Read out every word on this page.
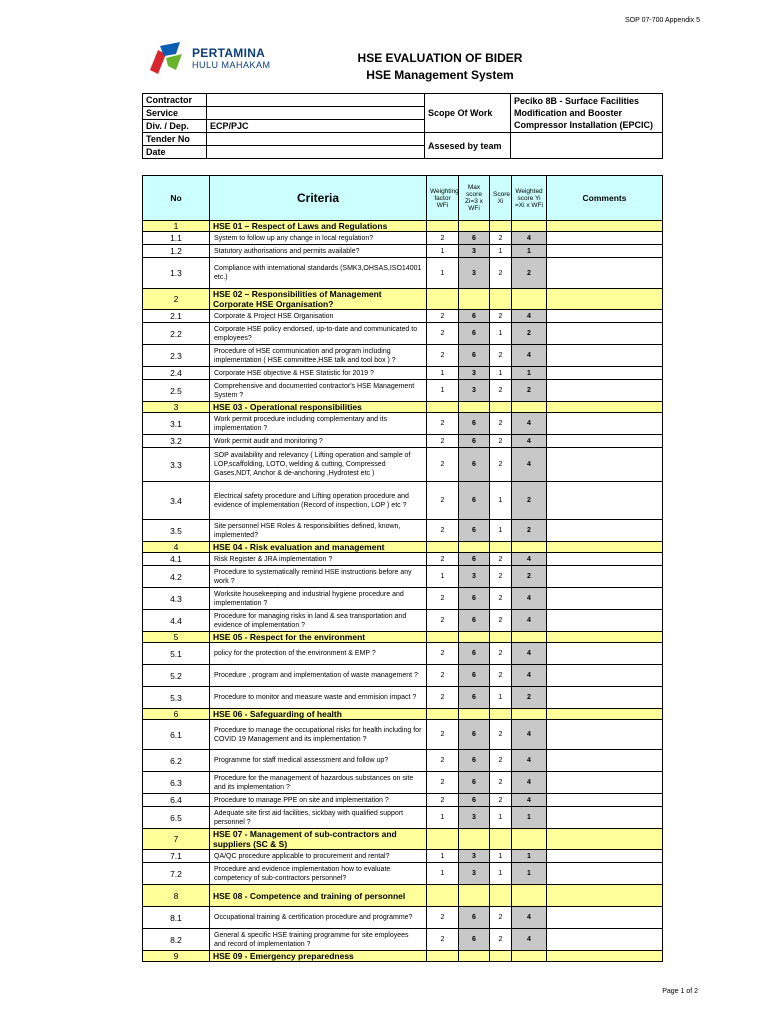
SOP 07-700 Appendix 5
PERTAMINA
HULU MAHAKAM	HSE EVALUATION OF BIDER
HSE Management System
Contractor		Scope Of Work	Peciko 8B - Surface Facilities Modification and Booster Compressor Installation (EPCIC)
Service			
Div. / Dep.	ECP/PJC		
Tender No		Assesed by team	
Date			
No	Criteria	Weighting factor WFi	Max score Zi=3 x WFi	Score Xi	Weighted score Yi =Xi x WFi	Comments
1	HSE 01 – Respect of Laws and Regulations					
1.1	System to follow up any change in local regulation?	2	6	2	4	
1.2	Statutory authorisations and permits available?	1	3	1	1	
1.3	Compliance with international standards (SMK3,OHSAS,ISO14001 etc.)	1	3	2	2	
2	HSE 02 – Responsibilities of Management Corporate HSE Organisation?					
2.1	Corporate & Project HSE Organisation	2	6	2	4	
2.2	Corporate HSE policy endorsed, up-to-date and communicated to employees?	2	6	1	2	
2.3	Procedure of HSE communication and program including implementation ( HSE committee,HSE talk and tool box ) ?	2	6	2	4	
2.4	Corporate HSE objective & HSE Statistic for 2019 ?	1	3	1	1	
2.5	Comprehensive and documented contractor's HSE Management System ?	1	3	2	2	
3	HSE 03 - Operational responsibilities					
3.1	Work permit procedure including complementary and its implementation ?	2	6	2	4	
3.2	Work permit audit and monitoring ?	2	6	2	4	
3.3	SOP availability and relevancy ( Lifting operation and sample of LOP,scaffolding, LOTO, welding & cutting, Compressed Gases,NDT, Anchor & de-anchoring ,Hydrotest etc )	2	6	2	4	
3.4	Electrical safety procedure and Lifting operation procedure and evidence of implementation (Record of inspection, LOP ) etc ?	2	6	1	2	
3.5	Site personnel HSE Roles & responsibilities defined, known, implemented?	2	6	1	2	
4	HSE 04 - Risk evaluation and management					
4.1	Risk Register & JRA implementation ?	2	6	2	4	
4.2	Procedure to systematically remind HSE instructions before any work ?	1	3	2	2	
4.3	Worksite housekeeping and industrial hygiene procedure and implementation ?	2	6	2	4	
4.4	Procedure for managing risks in land & sea transportation and evidence of implementation ?	2	6	2	4	
5	HSE 05 - Respect for the environment					
5.1	policy for the protection of the environment & EMP ?	2	6	2	4	
5.2	Procedure , program and implementation of waste management ?	2	6	2	4	
5.3	Procedure to monitor and measure waste and emmision impact ?	2	6	1	2	
6	HSE 06 - Safeguarding of health					
6.1	Procedure to manage the occupational risks for health including for COVID 19 Management and its implementation ?	2	6	2	4	
6.2	Programme for staff medical assessment and follow up?	2	6	2	4	
6.3	Procedure for the management of hazardous substances on site and its implementation ?	2	6	2	4	
6.4	Procedure to manage PPE on site and implementation ?	2	6	2	4	
6.5	Adequate site first aid facilities, sickbay with qualified support personnel ?	1	3	1	1	
7	HSE 07 - Management of sub-contractors and suppliers (SC & S)					
7.1	QA/QC procedure applicable to procurement and rental?	1	3	1	1	
7.2	Procedure and evidence implementation how to evaluate competency of sub-contractors personnel?	1	3	1	1	
8	HSE 08 - Competence and training of personnel					
8.1	Occupational training & certification procedure and programme?	2	6	2	4	
8.2	General & specific HSE training programme for site employees and record of implementation ?	2	6	2	4	
9	HSE 09 - Emergency preparedness					
Page 1 of 2
